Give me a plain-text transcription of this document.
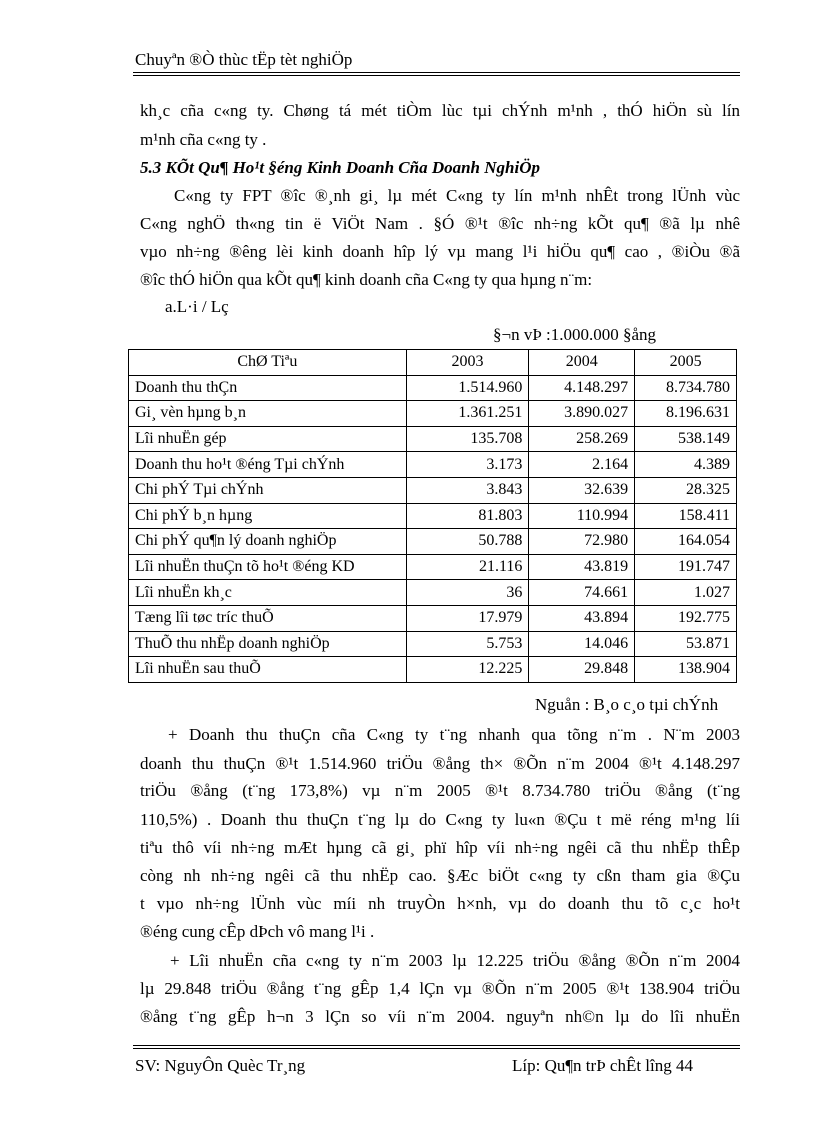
Chuyªn ®Ò thùc tËp tèt nghiÖp
kh¸c cña c«ng ty. Chøng tá mét tiÒm lùc tµi chÝnh m¹nh , thÓ hiÖn sù lín
m¹nh cña c«ng ty .
5.3 KÕt Qu¶ Ho¹t §éng Kinh Doanh Cña Doanh NghiÖp
C«ng ty FPT ®îc ®¸nh gi¸ lµ mét C«ng ty lín m¹nh nhÊt trong lÜnh vùc
C«ng nghÖ th«ng tin ë ViÖt Nam . §Ó ®¹t ®îc nh÷ng kÕt qu¶ ®ã lµ nhê
vµo nh÷ng ®êng lèi kinh doanh hîp lý vµ mang l¹i hiÖu qu¶ cao , ®iÒu ®ã
®îc thÓ hiÖn qua kÕt qu¶ kinh doanh cña C«ng ty qua hµng n¨m:
a.L·i / Lç
§¬n vÞ :1.000.000 §ång
ChØ Tiªu	2003	2004	2005
Doanh thu thÇn	1.514.960	4.148.297	8.734.780
Gi¸ vèn hµng b¸n	1.361.251	3.890.027	8.196.631
Lîi nhuËn gép	135.708	258.269	538.149
Doanh thu ho¹t ®éng Tµi chÝnh	3.173	2.164	4.389
Chi phÝ Tµi chÝnh	3.843	32.639	28.325
Chi phÝ b¸n hµng	81.803	110.994	158.411
Chi phÝ qu¶n lý doanh nghiÖp	50.788	72.980	164.054
Lîi nhuËn thuÇn tõ ho¹t ®éng KD	21.116	43.819	191.747
Lîi nhuËn kh¸c	36	74.661	1.027
Tæng lîi tøc tríc thuÕ	17.979	43.894	192.775
ThuÕ thu nhËp doanh nghiÖp	5.753	14.046	53.871
Lîi nhuËn sau thuÕ	12.225	29.848	138.904
Nguån : B¸o c¸o tµi chÝnh
+ Doanh thu thuÇn cña C«ng ty t¨ng nhanh qua tõng n¨m . N¨m 2003
doanh thu thuÇn ®¹t 1.514.960 triÖu ®ång th× ®Õn n¨m 2004 ®¹t 4.148.297
triÖu ®ång (t¨ng 173,8%) vµ n¨m 2005 ®¹t 8.734.780 triÖu ®ång (t¨ng
110,5%) . Doanh thu thuÇn t¨ng lµ do C«ng ty lu«n ®Çu t më réng m¹ng líi
tiªu thô víi nh÷ng mÆt hµng cã gi¸ phï hîp víi nh÷ng ngêi cã thu nhËp thÊp
còng nh nh÷ng ngêi cã thu nhËp cao. §Æc biÖt c«ng ty cßn tham gia ®Çu
t vµo nh÷ng lÜnh vùc míi nh truyÒn h×nh, vµ do doanh thu tõ c¸c ho¹t
®éng cung cÊp dÞch vô mang l¹i .
+ Lîi nhuËn cña c«ng ty n¨m 2003 lµ 12.225 triÖu ®ång ®Õn n¨m 2004
lµ 29.848 triÖu ®ång t¨ng gÊp 1,4 lÇn vµ ®Õn n¨m 2005 ®¹t 138.904 triÖu
®ång t¨ng gÊp h¬n 3 lÇn so víi n¨m 2004. nguyªn nh©n lµ do lîi nhuËn
SV: NguyÔn Quèc Tr¸ng	Líp: Qu¶n trÞ chÊt lîng 44
